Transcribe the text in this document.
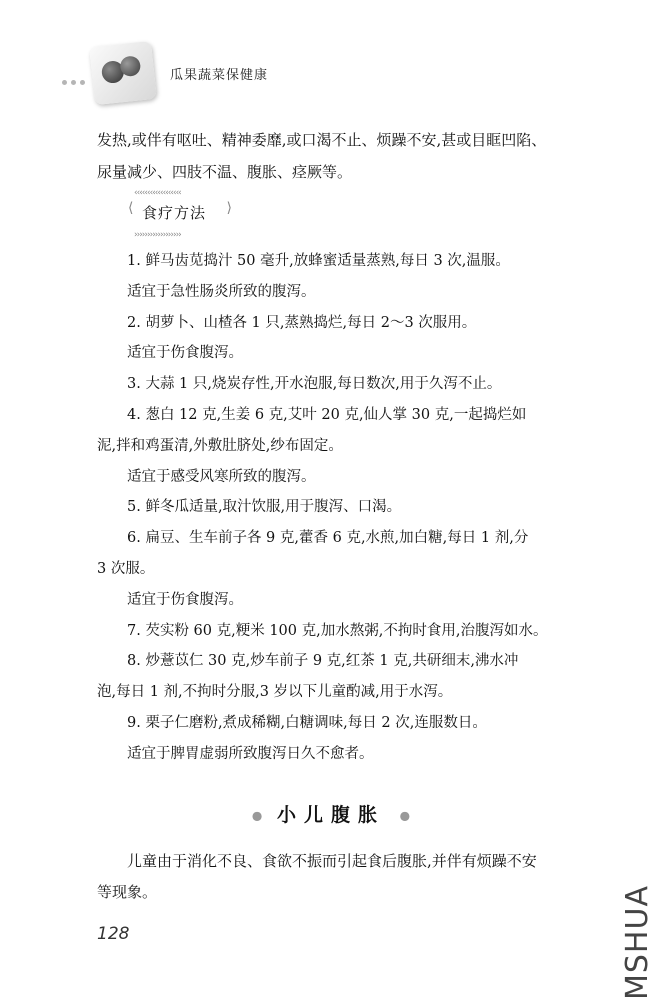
瓜果蔬菜保健康

发热,或伴有呕吐、精神委靡,或口渴不止、烦躁不安,甚或目眶凹陷、

尿量减少、四肢不温、腹胀、痉厥等。

‹‹‹‹‹‹‹‹‹‹‹‹‹‹‹‹‹‹
⟨ 食疗方法 ⟩
››››››››››››››››››

1. 鲜马齿苋捣汁 50 毫升,放蜂蜜适量蒸熟,每日 3 次,温服。

适宜于急性肠炎所致的腹泻。

2. 胡萝卜、山楂各 1 只,蒸熟捣烂,每日 2～3 次服用。

适宜于伤食腹泻。

3. 大蒜 1 只,烧炭存性,开水泡服,每日数次,用于久泻不止。

4. 葱白 12 克,生姜 6 克,艾叶 20 克,仙人掌 30 克,一起捣烂如

泥,拌和鸡蛋清,外敷肚脐处,纱布固定。

适宜于感受风寒所致的腹泻。

5. 鲜冬瓜适量,取汁饮服,用于腹泻、口渴。

6. 扁豆、生车前子各 9 克,藿香 6 克,水煎,加白糖,每日 1 剂,分

3 次服。

适宜于伤食腹泻。

7. 芡实粉 60 克,粳米 100 克,加水熬粥,不拘时食用,治腹泻如水。

8. 炒薏苡仁 30 克,炒车前子 9 克,红茶 1 克,共研细末,沸水冲

泡,每日 1 剂,不拘时分服,3 岁以下儿童酌减,用于水泻。

9. 栗子仁磨粉,煮成稀糊,白糖调味,每日 2 次,连服数日。

适宜于脾胃虚弱所致腹泻日久不愈者。

● 小儿腹胀 ●

儿童由于消化不良、食欲不振而引起食后腹胀,并伴有烦躁不安

等现象。

128	MSHUA
